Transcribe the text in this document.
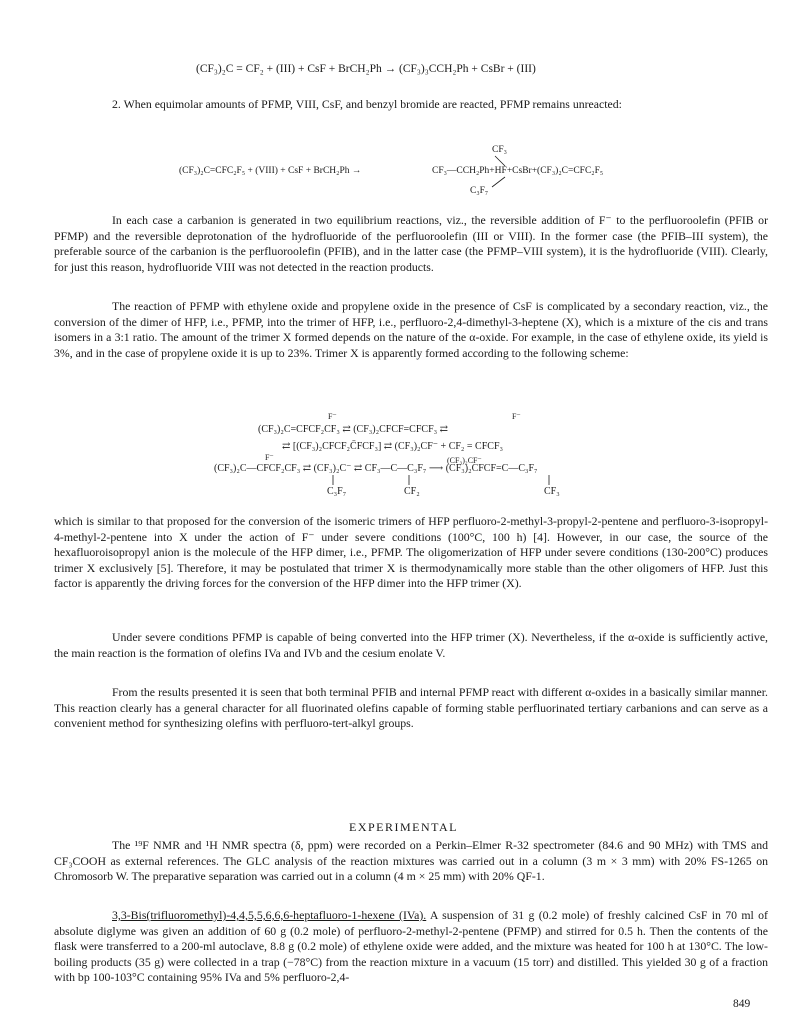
(CF₃)₂C = CF₂ + (III) + CsF + BrCH₂Ph → (CF₃)₃CCH₂Ph + CsBr + (III)

2. When equimolar amounts of PFMP, VIII, CsF, and benzyl bromide are reacted, PFMP remains unreacted:

CF₃
(CF₃)₂C=CFC₂F₅ + (VIII) + CsF + BrCH₂Ph →	CF₃—CCH₂Ph+HF+CsBr+(CF₃)₂C=CFC₂F₅
C₃F₇

In each case a carbanion is generated in two equilibrium reactions, viz., the reversible addition of F⁻ to the perfluoroolefin (PFIB or PFMP) and the reversible deprotonation of the hydrofluoride of the perfluoroolefin (III or VIII). In the former case (the PFIB–III system), the preferable source of the carbanion is the perfluoroolefin (PFIB), and in the latter case (the PFMP–VIII system), it is the hydrofluoride (VIII). Clearly, for just this reason, hydrofluoride VIII was not detected in the reaction products.

The reaction of PFMP with ethylene oxide and propylene oxide in the presence of CsF is complicated by a secondary reaction, viz., the conversion of the dimer of HFP, i.e., PFMP, into the trimer of HFP, i.e., perfluoro-2,4-dimethyl-3-heptene (X), which is a mixture of the cis and trans isomers in a 3:1 ratio. The amount of the trimer X formed depends on the nature of the α-oxide. For example, in the case of ethylene oxide, its yield is 3%, and in the case of propylene oxide it is up to 23%. Trimer X is apparently formed according to the following scheme:

F⁻	F⁻
(CF₃)₂C=CFCF₂CF₃ ⇄ (CF₃)₂CFCF=CFCF₃ ⇄
⇄ [(CF₃)₂CFCF₂C̄FCF₃] ⇄ (CF₃)₂CF⁻ + CF₂ = CFCF₃
F⁻	(CF₃)₂CF⁻
(CF₃)₂C—CFCF₂CF₃ ⇄ (CF₃)₂C⁻ ⇄ CF₃—C—C₃F₇ ⟶ (CF₃)₂CFCF=C—C₃F₇
C₃F₇	CF₂	CF₃

which is similar to that proposed for the conversion of the isomeric trimers of HFP perfluoro-2-methyl-3-propyl-2-pentene and perfluoro-3-isopropyl-4-methyl-2-pentene into X under the action of F⁻ under severe conditions (100°C, 100 h) [4]. However, in our case, the source of the hexafluoroisopropyl anion is the molecule of the HFP dimer, i.e., PFMP. The oligomerization of HFP under severe conditions (130-200°C) produces trimer X exclusively [5]. Therefore, it may be postulated that trimer X is thermodynamically more stable than the other oligomers of HFP. Just this factor is apparently the driving forces for the conversion of the HFP dimer into the HFP trimer (X).

Under severe conditions PFMP is capable of being converted into the HFP trimer (X). Nevertheless, if the α-oxide is sufficiently active, the main reaction is the formation of olefins IVa and IVb and the cesium enolate V.

From the results presented it is seen that both terminal PFIB and internal PFMP react with different α-oxides in a basically similar manner. This reaction clearly has a general character for all fluorinated olefins capable of forming stable perfluorinated tertiary carbanions and can serve as a convenient method for synthesizing olefins with perfluoro-tert-alkyl groups.

EXPERIMENTAL

The ¹⁹F NMR and ¹H NMR spectra (δ, ppm) were recorded on a Perkin–Elmer R-32 spectrometer (84.6 and 90 MHz) with TMS and CF₃COOH as external references. The GLC analysis of the reaction mixtures was carried out in a column (3 m × 3 mm) with 20% FS-1265 on Chromosorb W. The preparative separation was carried out in a column (4 m × 25 mm) with 20% QF-1.

3,3-Bis(trifluoromethyl)-4,4,5,5,6,6,6-heptafluoro-1-hexene (IVa). A suspension of 31 g (0.2 mole) of freshly calcined CsF in 70 ml of absolute diglyme was given an addition of 60 g (0.2 mole) of perfluoro-2-methyl-2-pentene (PFMP) and stirred for 0.5 h. Then the contents of the flask were transferred to a 200-ml autoclave, 8.8 g (0.2 mole) of ethylene oxide were added, and the mixture was heated for 100 h at 130°C. The low-boiling products (35 g) were collected in a trap (−78°C) from the reaction mixture in a vacuum (15 torr) and distilled. This yielded 30 g of a fraction with bp 100-103°C containing 95% IVa and 5% perfluoro-2,4-

849
